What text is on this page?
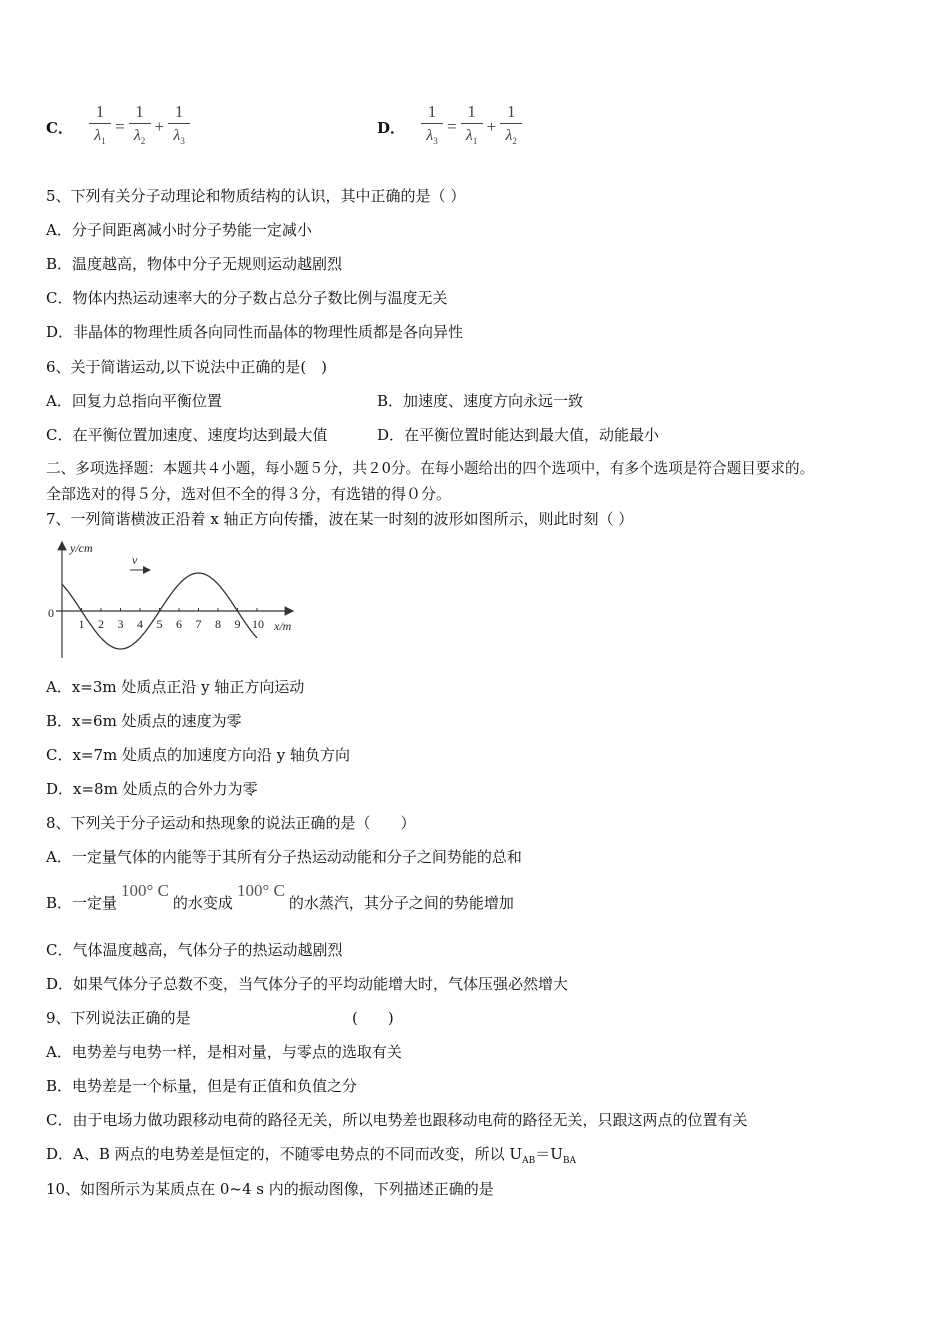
C． $\frac{1}{\lambda_1} = \frac{1}{\lambda_2} + \frac{1}{\lambda_3}$	D． $\frac{1}{\lambda_3} = \frac{1}{\lambda_1} + \frac{1}{\lambda_2}$
5、下列有关分子动理论和物质结构的认识，其中正确的是（ ）
A．分子间距离减小时分子势能一定减小
B．温度越高，物体中分子无规则运动越剧烈
C．物体内热运动速率大的分子数占总分子数比例与温度无关
D．非晶体的物理性质各向同性而晶体的物理性质都是各向异性
6、关于简谐运动,以下说法中正确的是(　)
A．回复力总指向平衡位置	B．加速度、速度方向永远一致
C．在平衡位置加速度、速度均达到最大值	D．在平衡位置时能达到最大值，动能最小
二、多项选择题：本题共４小题，每小题５分，共２0分。在每小题给出的四个选项中，有多个选项是符合题目要求的。
全部选对的得５分，选对但不全的得３分，有选错的得０分。
7、一列简谐横波正沿着 x 轴正方向传播，波在某一时刻的波形如图所示，则此时刻（ ）
y/cm
x/m
0
v
1 2 3 4 5 6 7 8 9 10
A．x=3m 处质点正沿 y 轴正方向运动
B．x=6m 处质点的速度为零
C．x=7m 处质点的加速度方向沿 y 轴负方向
D．x=8m 处质点的合外力为零
8、下列关于分子运动和热现象的说法正确的是（　　）
A．一定量气体的内能等于其所有分子热运动动能和分子之间势能的总和
B．一定量100° C的水变成100° C的水蒸汽，其分子之间的势能增加
C．气体温度越高，气体分子的热运动越剧烈
D．如果气体分子总数不变，当气体分子的平均动能增大时，气体压强必然增大
9、下列说法正确的是	(　　)
A．电势差与电势一样，是相对量，与零点的选取有关
B．电势差是一个标量，但是有正值和负值之分
C．由于电场力做功跟移动电荷的路径无关，所以电势差也跟移动电荷的路径无关，只跟这两点的位置有关
D．A、B 两点的电势差是恒定的，不随零电势点的不同而改变，所以 $U_{AB}=U_{BA}$
10、如图所示为某质点在 0~4 s 内的振动图像，下列描述正确的是
